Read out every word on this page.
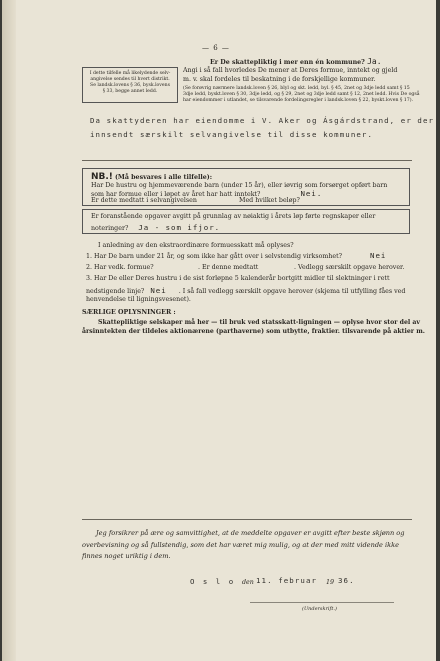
— 6 —
Er De skattepliktig i mer enn én kommune? Ja.
I dette tilfelle må likelydende selv-
angivelse sendes til hvert distrikt.
Se landsk.lovens § 36, bysk.lovens
§ 33, begge annet ledd.
Angi i så fall hvorledes De mener at Deres formue, inntekt og gjeld
m. v. skal fordeles til beskatning i de forskjellige kommuner.
(Se forøvrig nærmere landsk.loven § 26, blyl og skt. ledd, byl. § 45, 2net og 3dje ledd samt § 15
3dje ledd, byskt.loven § 30, 3dje ledd, og § 29, 2net og 3dje ledd samt § 12, 2net ledd. Hvis De også
har eiendommer i utlandet, se tilsvarende fordelingsregler i landsk.loven § 22, byskt.loven § 17).
Da skattyderen har eiendomme i V. Aker og Ásgárdstrand, er der
innsendt særskilt selvangivelse til disse kommuner.
NB.! (Må besvares i alle tilfelle):
Har De hustru og hjemmeværende barn (under 15 år), eller iøvrig som forsørget opført barn
som har formue eller i løpet av året har hatt inntekt?	Nei.
Er dette medtatt i selvangivelsen	Med hvilket beløp?
Er foranstående opgaver avgitt på grunnlag av nøiaktig i årets løp førte regnskaper eller
noteringer? Ja - som ifjor.
I anledning av den ekstraordinære formuesskatt må oplyses?
1. Har De barn under 21 år, og som ikke har gått over i selvstendig virksomhet?	Nei
2. Har vedk. formue?	. Er denne medtatt	. Vedlegg særskilt opgave herover.
3. Har De eller Deres hustru i de sist forløpne 5 kalenderår bortgitt midler til slektninger i rett
nedstigende linje? Nei . I så fall vedlegg særskilt opgave herover (skjema til utfylling fåes ved
henvendelse til ligningsvesenet).
SÆRLIGE OPLYSNINGER :
Skattepliktige selskaper må her — til bruk ved statsskatt-ligningen — oplyse hvor stor del av
årsinntekten der tildeles aktionærene (parthaverne) som utbytte, fraktier. tilsvarende på aktier m.
Jeg forsikrer på ære og samvittighet, at de meddelte opgaver er avgitt efter beste skjønn og
overbevisning og så fullstendig, som det har været mig mulig, og at der med mitt vidende ikke
finnes noget uriktig i dem.
O s l o den 11. februar 19 36.
(Underskrift.)
